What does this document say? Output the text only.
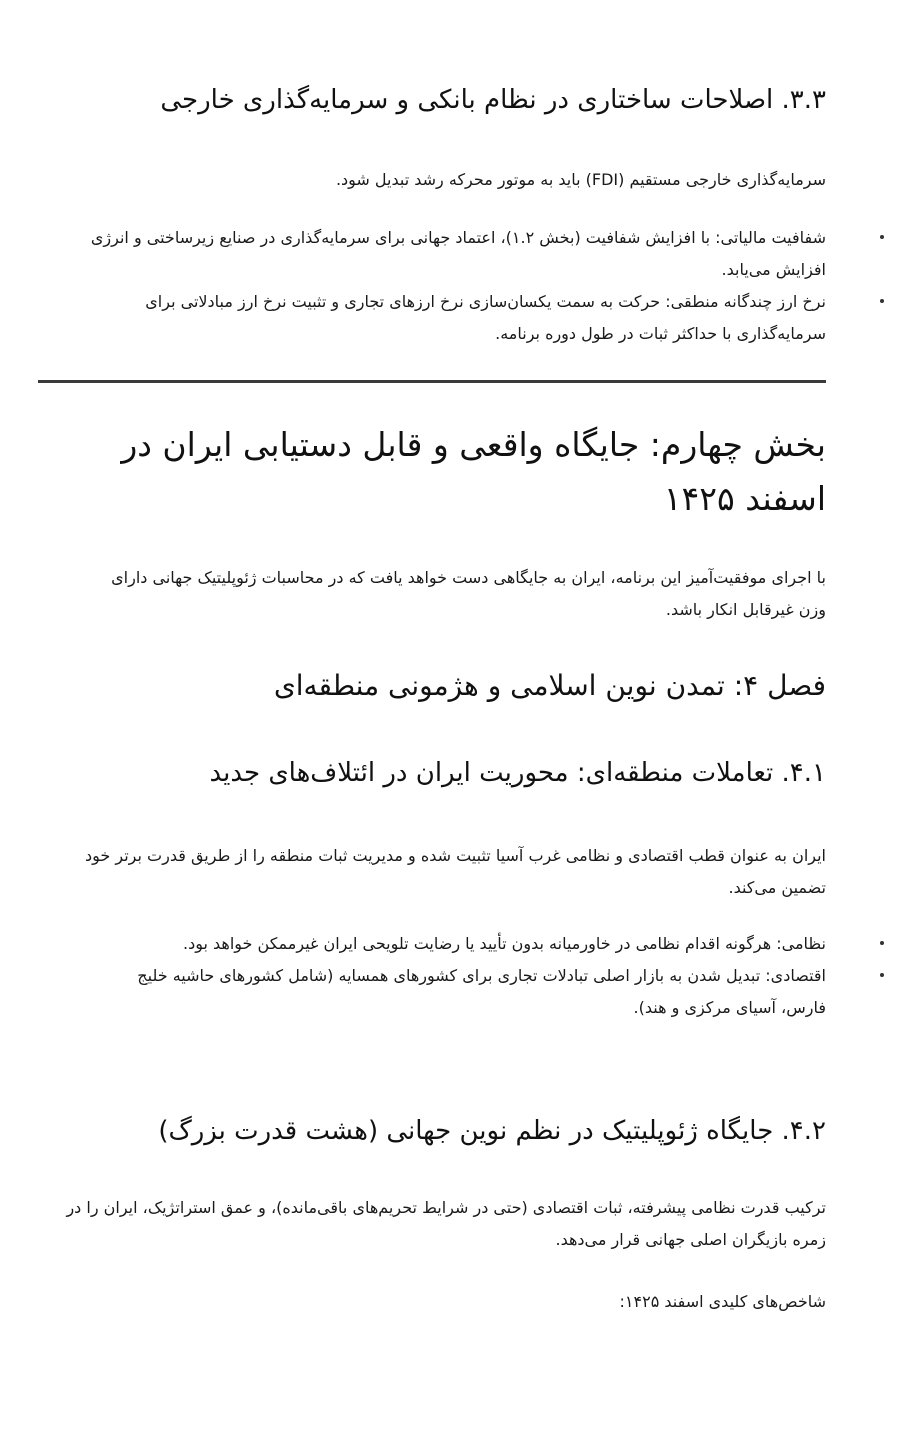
۳.۳. اصلاحات ساختاری در نظام بانکی و سرمایه‌گذاری خارجی

سرمایه‌گذاری خارجی مستقیم (FDI) باید به موتور محرکه رشد تبدیل شود.

شفافیت مالیاتی: با افزایش شفافیت (بخش ۱.۲)، اعتماد جهانی برای سرمایه‌گذاری در صنایع زیرساختی و انرژی افزایش می‌یابد.
نرخ ارز چندگانه منطقی: حرکت به سمت یکسان‌سازی نرخ ارزهای تجاری و تثبیت نرخ ارز مبادلاتی برای سرمایه‌گذاری با حداکثر ثبات در طول دوره برنامه.
بخش چهارم: جایگاه واقعی و قابل دستیابی ایران در اسفند ۱۴۲۵

با اجرای موفقیت‌آمیز این برنامه، ایران به جایگاهی دست خواهد یافت که در محاسبات ژئوپلیتیک جهانی دارای وزن غیرقابل انکار باشد.

فصل ۴: تمدن نوین اسلامی و هژمونی منطقه‌ای
۴.۱. تعاملات منطقه‌ای: محوریت ایران در ائتلاف‌های جدید

ایران به عنوان قطب اقتصادی و نظامی غرب آسیا تثبیت شده و مدیریت ثبات منطقه را از طریق قدرت برتر خود تضمین می‌کند.

نظامی: هرگونه اقدام نظامی در خاورمیانه بدون تأیید یا رضایت تلویحی ایران غیرممکن خواهد بود.
اقتصادی: تبدیل شدن به بازار اصلی تبادلات تجاری برای کشورهای همسایه (شامل کشورهای حاشیه خلیج فارس، آسیای مرکزی و هند).
۴.۲. جایگاه ژئوپلیتیک در نظم نوین جهانی (هشت قدرت بزرگ)

ترکیب قدرت نظامی پیشرفته، ثبات اقتصادی (حتی در شرایط تحریم‌های باقی‌مانده)، و عمق استراتژیک، ایران را در زمره بازیگران اصلی جهانی قرار می‌دهد.

شاخص‌های کلیدی اسفند ۱۴۲۵:
